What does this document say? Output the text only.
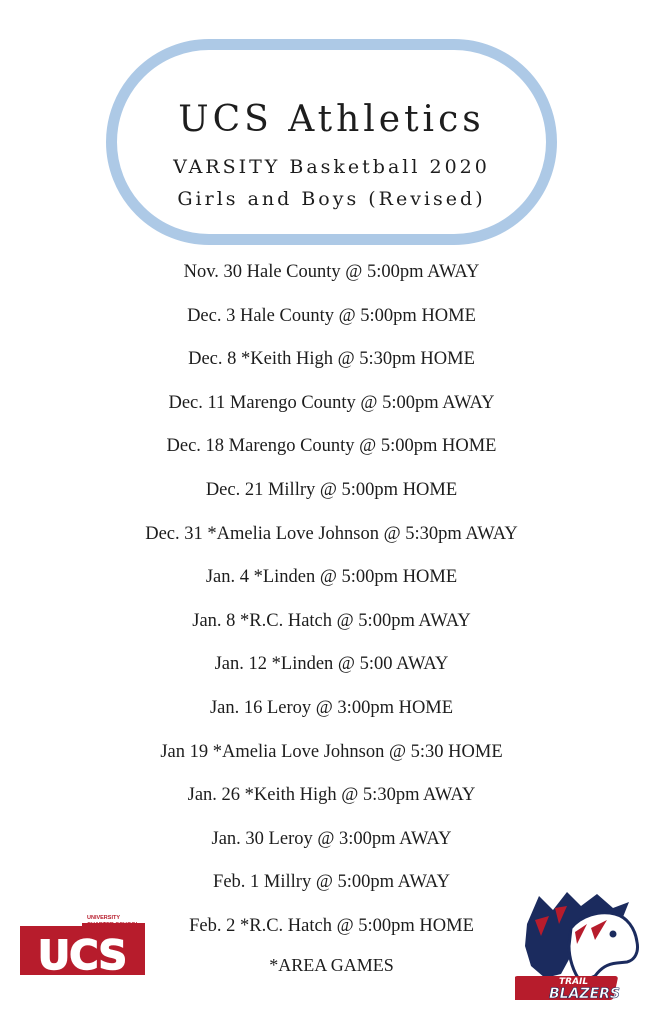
UCS Athletics
VARSITY Basketball 2020
Girls and Boys (Revised)
Nov. 30 Hale County @ 5:00pm AWAY
Dec. 3 Hale County @ 5:00pm HOME
Dec. 8 *Keith High @ 5:30pm HOME
Dec. 11 Marengo County @ 5:00pm AWAY
Dec. 18 Marengo County @ 5:00pm HOME
Dec. 21 Millry @ 5:00pm HOME
Dec. 31 *Amelia Love Johnson @ 5:30pm AWAY
Jan. 4 *Linden @ 5:00pm HOME
Jan. 8 *R.C. Hatch @ 5:00pm AWAY
Jan. 12 *Linden @ 5:00 AWAY
Jan. 16 Leroy @ 3:00pm HOME
Jan 19 *Amelia Love Johnson @ 5:30 HOME
Jan. 26 *Keith High @ 5:30pm AWAY
Jan. 30 Leroy @ 3:00pm AWAY
Feb. 1 Millry @ 5:00pm AWAY
Feb. 2 *R.C. Hatch @ 5:00pm HOME
*AREA GAMES
UNIVERSITY
UCS
TRAIL
BLAZERS
